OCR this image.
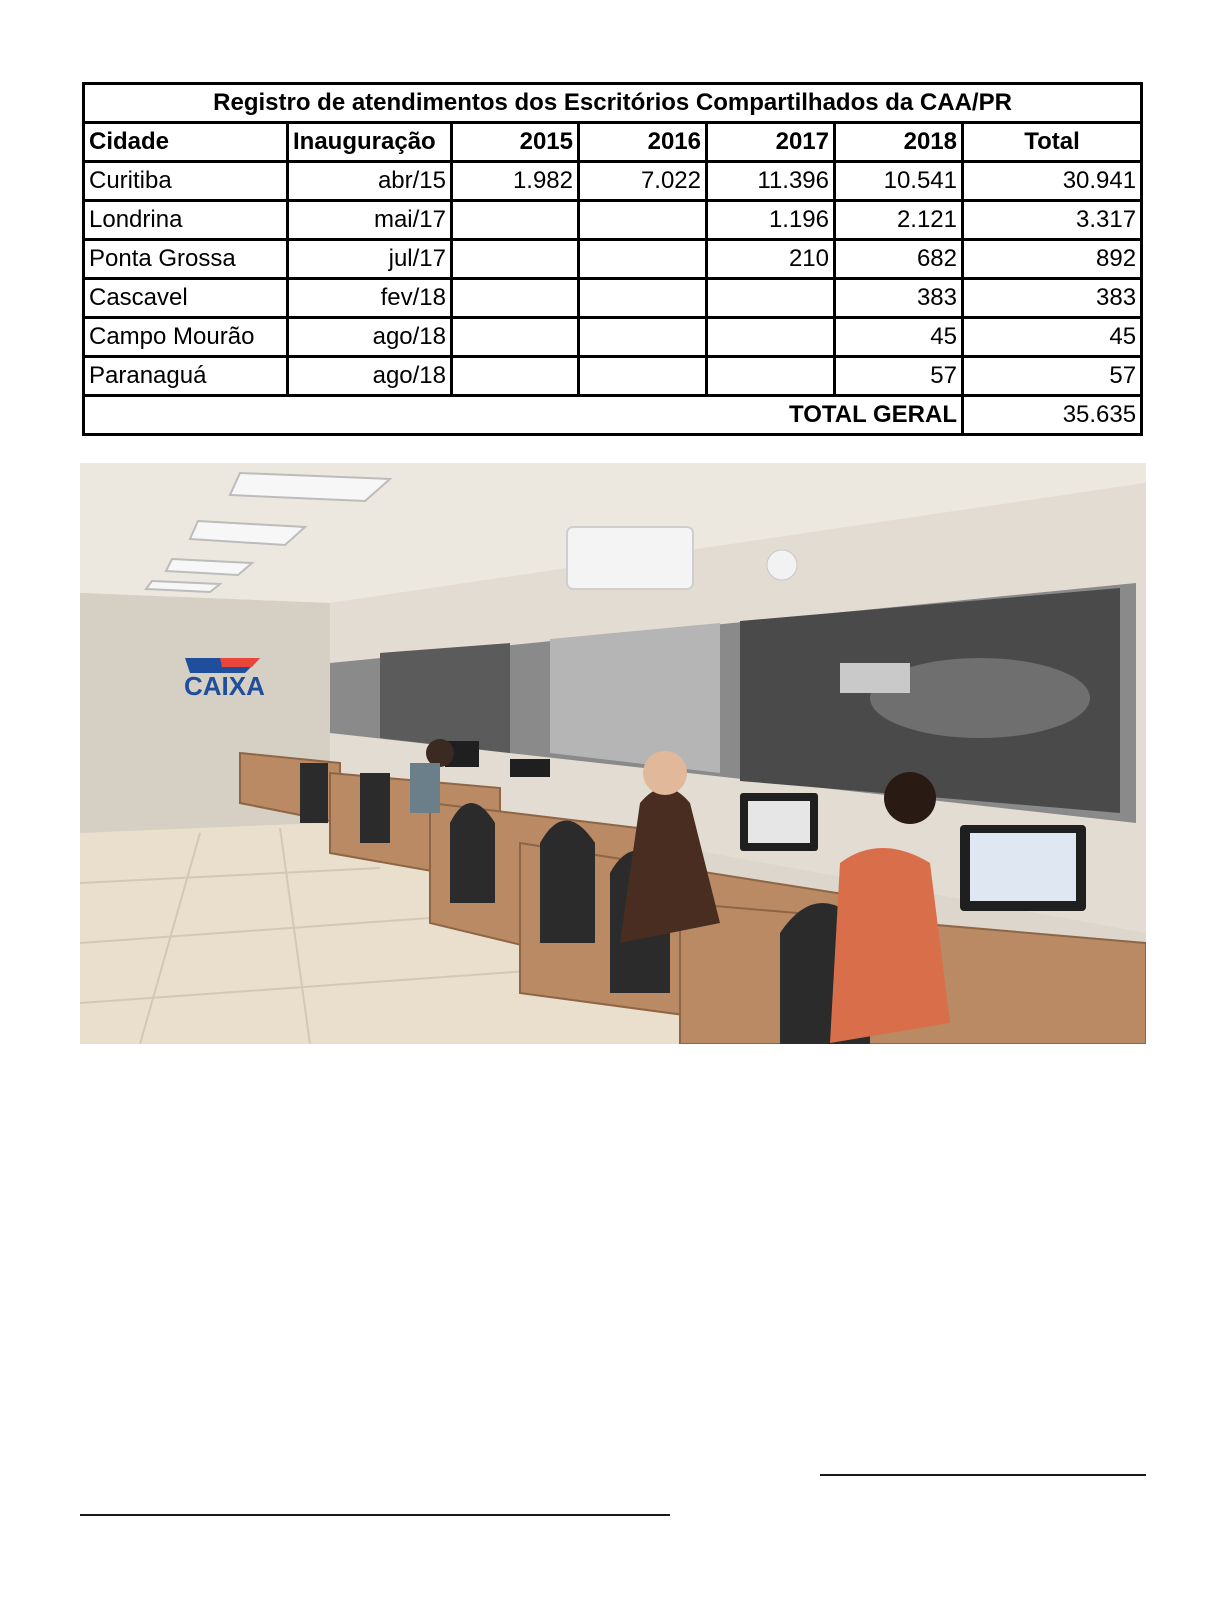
Registro de atendimentos dos Escritórios Compartilhados da CAA/PR						
Cidade	Inauguração	2015	2016	2017	2018	Total
Curitiba	abr/15	1.982	7.022	11.396	10.541	30.941
Londrina	mai/17			1.196	2.121	3.317
Ponta Grossa	jul/17			210	682	892
Cascavel	fev/18				383	383
Campo Mourão	ago/18				45	45
Paranaguá	ago/18				57	57
TOTAL GERAL						35.635
CAIXA
